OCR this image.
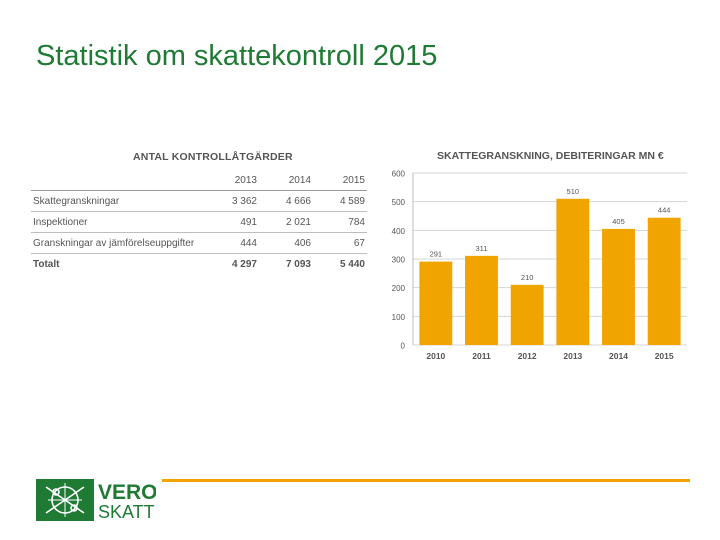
Statistik om skattekontroll 2015
ANTAL KONTROLLÅTGÄRDER
	2013	2014	2015
Skattegranskningar	3 362	4 666	4 589
Inspektioner	491	2 021	784
Granskningar av jämförelseuppgifter	444	406	67
Totalt	4 297	7 093	5 440
SKATTEGRANSKNING, DEBITERINGAR MN €
0
100
200
300
400
500
600
291
2010
311
2011
210
2012
510
2013
405
2014
444
2015
VERO
SKATT
